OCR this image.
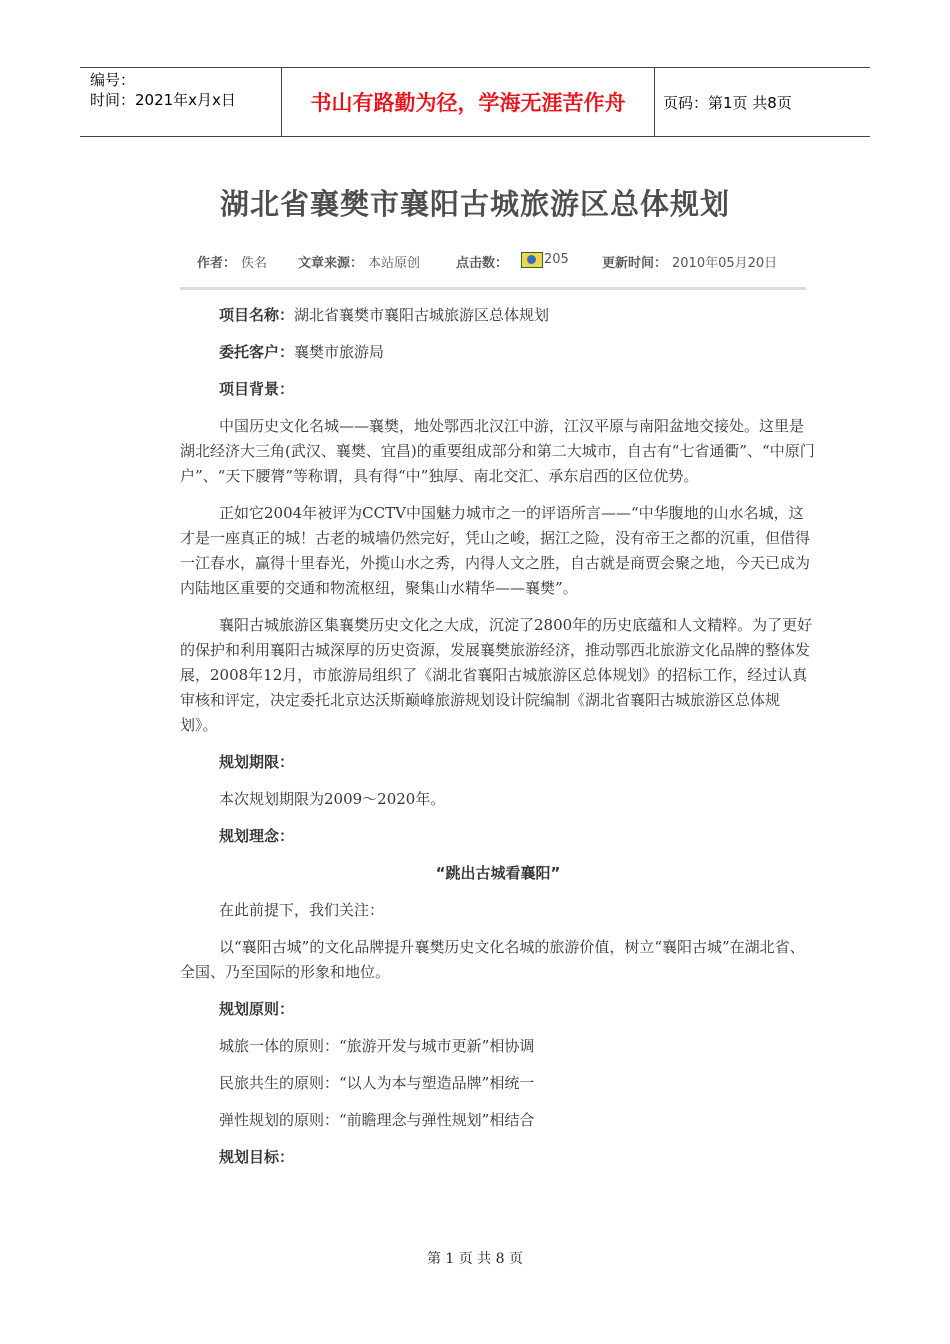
编号：
时间：2021年x月x日	书山有路勤为径，学海无涯苦作舟	页码：第1页 共8页
湖北省襄樊市襄阳古城旅游区总体规划
作者： 佚名 文章来源： 本站原创	点击数：	205	更新时间： 2010年05月20日

项目名称：湖北省襄樊市襄阳古城旅游区总体规划

委托客户：襄樊市旅游局

项目背景：

中国历史文化名城——襄樊，地处鄂西北汉江中游，江汉平原与南阳盆地交接处。这里是湖北经济大三角(武汉、襄樊、宜昌)的重要组成部分和第二大城市，自古有“七省通衢”、“中原门户”、“天下腰膂”等称谓，具有得“中”独厚、南北交汇、承东启西的区位优势。

正如它2004年被评为CCTV中国魅力城市之一的评语所言——“中华腹地的山水名城，这才是一座真正的城！古老的城墙仍然完好，凭山之峻，据江之险，没有帝王之都的沉重，但借得一江春水，赢得十里春光，外揽山水之秀，内得人文之胜，自古就是商贾会聚之地，今天已成为内陆地区重要的交通和物流枢纽，聚集山水精华——襄樊”。

襄阳古城旅游区集襄樊历史文化之大成，沉淀了2800年的历史底蕴和人文精粹。为了更好的保护和利用襄阳古城深厚的历史资源，发展襄樊旅游经济，推动鄂西北旅游文化品牌的整体发展，2008年12月，市旅游局组织了《湖北省襄阳古城旅游区总体规划》的招标工作，经过认真审核和评定，决定委托北京达沃斯巅峰旅游规划设计院编制《湖北省襄阳古城旅游区总体规划》。

规划期限：

本次规划期限为2009～2020年。

规划理念：

“跳出古城看襄阳”

在此前提下，我们关注：

以“襄阳古城”的文化品牌提升襄樊历史文化名城的旅游价值，树立“襄阳古城”在湖北省、全国、乃至国际的形象和地位。

规划原则：

城旅一体的原则：“旅游开发与城市更新”相协调

民旅共生的原则：“以人为本与塑造品牌”相统一

弹性规划的原则：“前瞻理念与弹性规划”相结合

规划目标：

第 1 页 共 8 页
